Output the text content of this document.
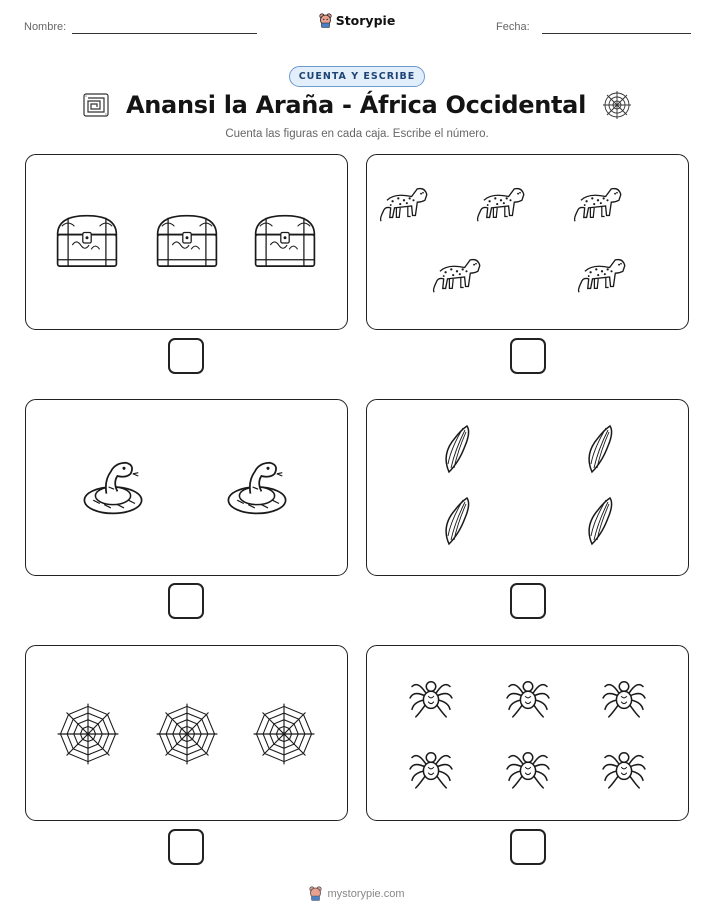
Nombre:	Storypie	Fecha:
CUENTA Y ESCRIBE
Anansi la Araña - África Occidental
Cuenta las figuras en cada caja. Escribe el número.
mystorypie.com
